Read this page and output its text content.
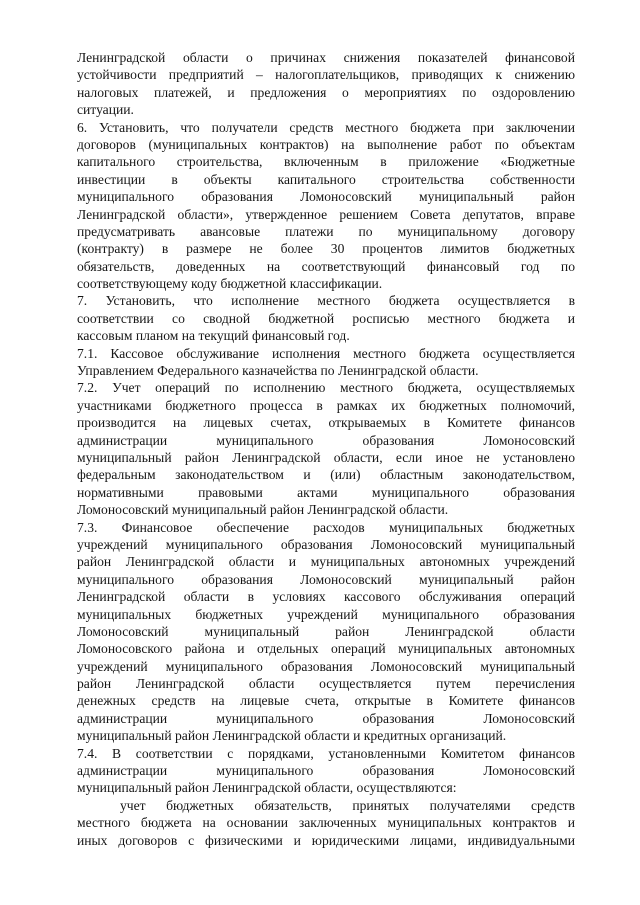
Ленинградской области о причинах снижения показателей финансовой
устойчивости предприятий – налогоплательщиков, приводящих к снижению
налоговых платежей, и предложения о мероприятиях по оздоровлению
ситуации.
6. Установить, что получатели средств местного бюджета при заключении
договоров (муниципальных контрактов) на выполнение работ по объектам
капитального строительства, включенным в приложение «Бюджетные
инвестиции в объекты капитального строительства собственности
муниципального образования Ломоносовский муниципальный район
Ленинградской области», утвержденное решением Совета депутатов, вправе
предусматривать авансовые платежи по муниципальному договору
(контракту) в размере не более 30 процентов лимитов бюджетных
обязательств, доведенных на соответствующий финансовый год по
соответствующему коду бюджетной классификации.
7. Установить, что исполнение местного бюджета осуществляется в
соответствии со сводной бюджетной росписью местного бюджета и
кассовым планом на текущий финансовый год.
7.1. Кассовое обслуживание исполнения местного бюджета осуществляется
Управлением Федерального казначейства по Ленинградской области.
7.2. Учет операций по исполнению местного бюджета, осуществляемых
участниками бюджетного процесса в рамках их бюджетных полномочий,
производится на лицевых счетах, открываемых в Комитете финансов
администрации муниципального образования Ломоносовский
муниципальный район Ленинградской области, если иное не установлено
федеральным законодательством и (или) областным законодательством,
нормативными правовыми актами муниципального образования
Ломоносовский муниципальный район Ленинградской области.
7.3. Финансовое обеспечение расходов муниципальных бюджетных
учреждений муниципального образования Ломоносовский муниципальный
район Ленинградской области и муниципальных автономных учреждений
муниципального образования Ломоносовский муниципальный район
Ленинградской области в условиях кассового обслуживания операций
муниципальных бюджетных учреждений муниципального образования
Ломоносовский муниципальный район Ленинградской области
Ломоносовского района и отдельных операций муниципальных автономных
учреждений муниципального образования Ломоносовский муниципальный
район Ленинградской области осуществляется путем перечисления
денежных средств на лицевые счета, открытые в Комитете финансов
администрации муниципального образования Ломоносовский
муниципальный район Ленинградской области и кредитных организаций.
7.4. В соответствии с порядками, установленными Комитетом финансов
администрации муниципального образования Ломоносовский
муниципальный район Ленинградской области, осуществляются:
учет бюджетных обязательств, принятых получателями средств
местного бюджета на основании заключенных муниципальных контрактов и
иных договоров с физическими и юридическими лицами, индивидуальными
